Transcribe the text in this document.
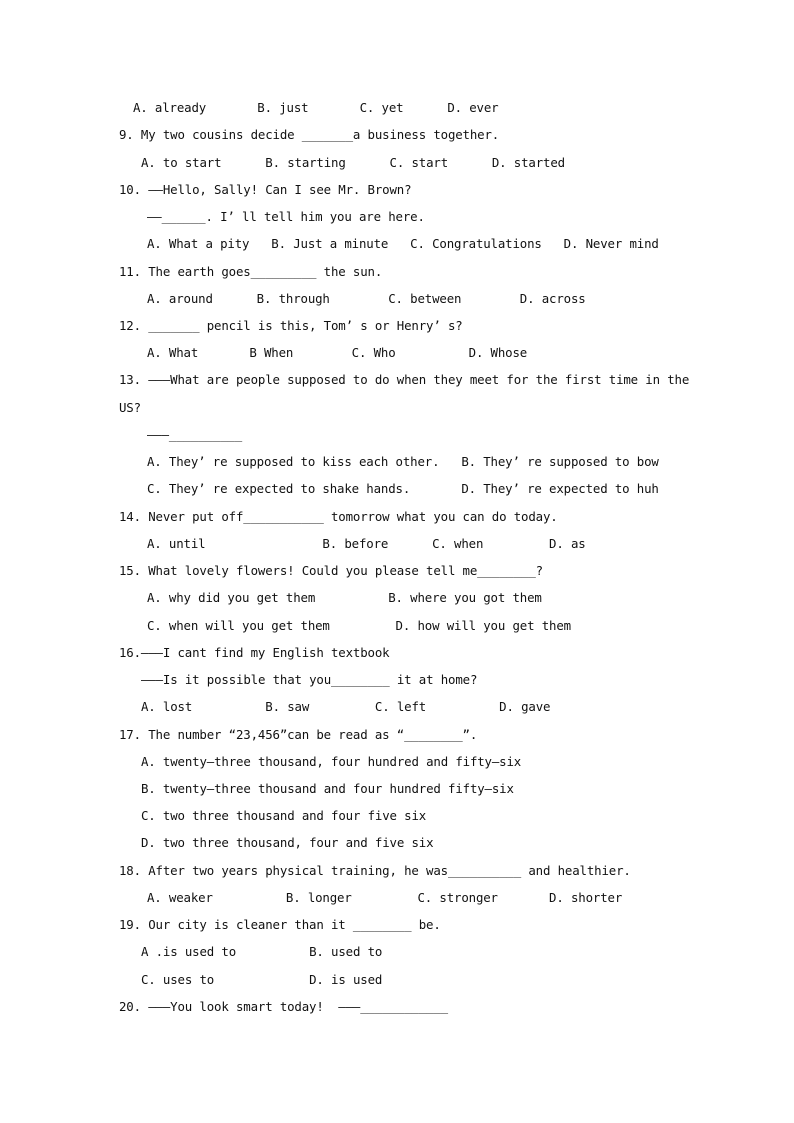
A. already       B. just       C. yet      D. ever
9. My two cousins decide _______a business together.
A. to start      B. starting      C. start      D. started
10. ——Hello, Sally! Can I see Mr. Brown?
——______. I’ ll tell him you are here.
A. What a pity   B. Just a minute   C. Congratulations   D. Never mind
11. The earth goes_________ the sun.
A. around      B. through        C. between        D. across
12. _______ pencil is this, Tom’ s or Henry’ s?
A. What       B When        C. Who          D. Whose
13. ———What are people supposed to do when they meet for the first time in the
US?
———__________
A. They’ re supposed to kiss each other.   B. They’ re supposed to bow
C. They’ re expected to shake hands.       D. They’ re expected to huh
14. Never put off___________ tomorrow what you can do today.
A. until                B. before      C. when         D. as
15. What lovely flowers! Could you please tell me________?
A. why did you get them          B. where you got them
C. when will you get them         D. how will you get them
16.———I cant find my English textbook
———Is it possible that you________ it at home?
A. lost          B. saw         C. left          D. gave
17. The number “23,456”can be read as “________”.
A. twenty—three thousand, four hundred and fifty—six
B. twenty—three thousand and four hundred fifty—six
C. two three thousand and four five six
D. two three thousand, four and five six
18. After two years physical training, he was__________ and healthier.
A. weaker          B. longer         C. stronger       D. shorter
19. Our city is cleaner than it ________ be.
A .is used to          B. used to
C. uses to             D. is used
20. ———You look smart today!  ———____________
